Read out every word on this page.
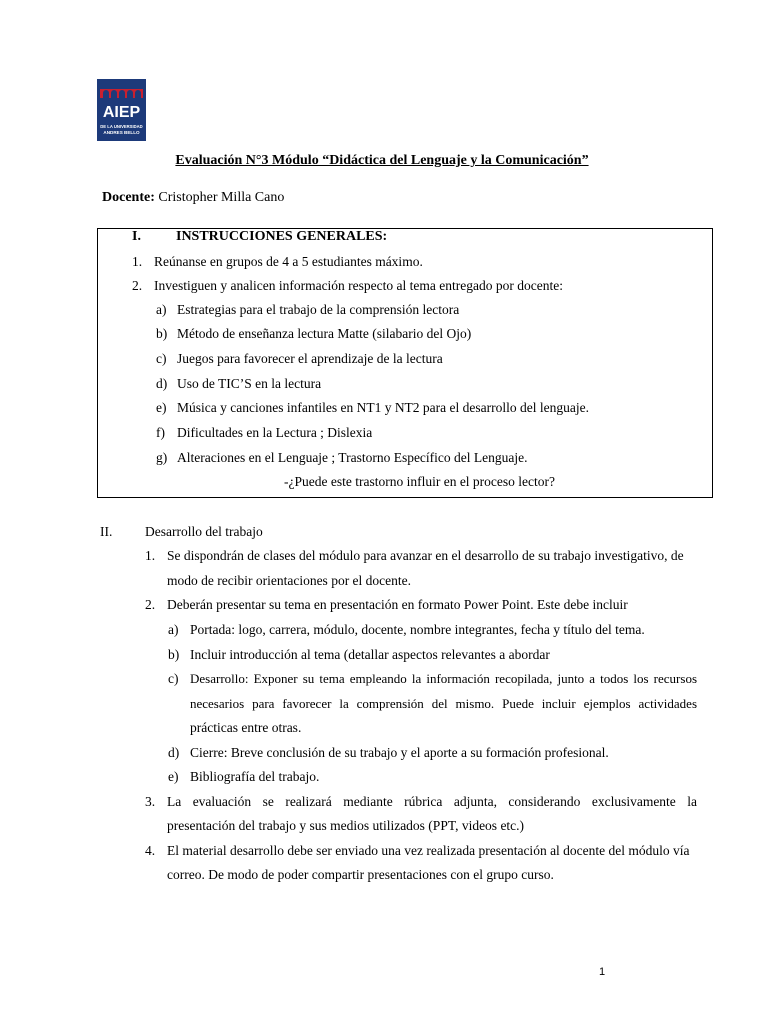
AIEP
DE LA UNIVERSIDAD
ANDRES BELLO
Evaluación N°3 Módulo “Didáctica del Lenguaje y la Comunicación”
Docente: Cristopher Milla Cano
I.	INSTRUCCIONES GENERALES:
1. Reúnanse en grupos de 4 a 5 estudiantes máximo.
2. Investiguen y analicen información respecto al tema entregado por docente:
a) Estrategias para el trabajo de la comprensión lectora
b) Método de enseñanza lectura Matte (silabario del Ojo)
c) Juegos para favorecer el aprendizaje de la lectura
d) Uso de TIC’S en la lectura
e) Música y canciones infantiles en NT1 y NT2 para el desarrollo del lenguaje.
f) Dificultades en la Lectura ; Dislexia
g) Alteraciones en el Lenguaje ; Trastorno Específico del Lenguaje.
-¿Puede este trastorno influir en el proceso lector?
II. Desarrollo del trabajo
1. Se dispondrán de clases del módulo para avanzar en el desarrollo de su trabajo investigativo, de
modo de recibir orientaciones por el docente.
2. Deberán presentar su tema en presentación en formato Power Point. Este debe incluir
a) Portada: logo, carrera, módulo, docente, nombre integrantes, fecha y título del tema.
b) Incluir introducción al tema (detallar aspectos relevantes a abordar
c) Desarrollo: Exponer su tema empleando la información recopilada, junto a todos los recursos
necesarios para favorecer la comprensión del mismo. Puede incluir ejemplos actividades
prácticas entre otras.
d) Cierre: Breve conclusión de su trabajo y el aporte a su formación profesional.
e) Bibliografía del trabajo.
3. La evaluación se realizará mediante rúbrica adjunta, considerando exclusivamente la
presentación del trabajo y sus medios utilizados (PPT, videos etc.)
4. El material desarrollo debe ser enviado una vez realizada presentación al docente del módulo vía
correo. De modo de poder compartir presentaciones con el grupo curso.
1
